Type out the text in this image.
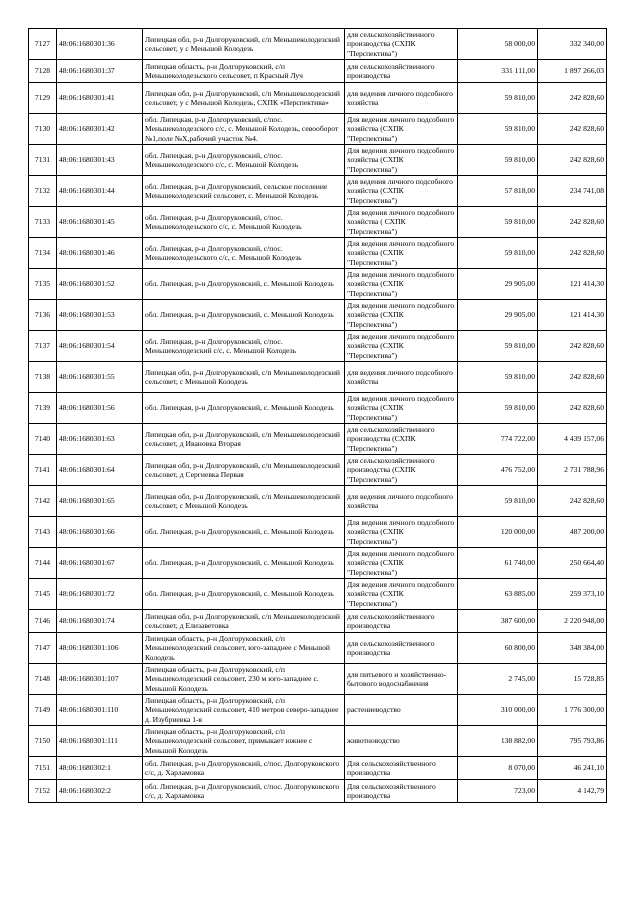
7127	48:06:1680301:36	Липецкая обл, р-н Долгоруковский, с/п Меньшеколодезский сельсовет, у с Меньшой Колодезь	для сельскохозяйственного производства (СХПК "Перспектива")	58 000,00	332 340,00
7128	48:06:1680301:37	Липецкая область, р-н Долгоруковский, с/п Меньшеколодезьского сельсовет, п Красный Луч	для сельскохозяйственного производства	331 111,00	1 897 266,03
7129	48:06:1680301:41	Липецкая обл, р-н Долгоруковский, с/п Меньшеколодезский сельсовет, у с Меньшой Колодезь, СХПК «Перспектива»	для ведения личного подсобного хозяйства	59 810,00	242 828,60
7130	48:06:1680301:42	обл. Липецкая, р-н Долгоруковский, с/пос. Меньшеколодезского с/с, с. Меньшой Колодезь, севооборот №1,поле №X,рабочий участок №4.	Для ведения личного подсобного хозяйства (СХПК "Перспектива")	59 810,00	242 828,60
7131	48:06:1680301:43	обл. Липецкая, р-н Долгоруковский, с/пос. Меньшеколодезского с/с, с. Меньшой Колодезь	Для ведения личного подсобного хозяйства (СХПК "Перспектива")	59 810,00	242 828,60
7132	48:06:1680301:44	обл. Липецкая, р-н Долгоруковский, сельское поселение Меньшеколодезский сельсовет, с. Меньшой Колодезь	для ведения личного подсобного хозяйства (СХПК "Перспектива")	57 818,00	234 741,08
7133	48:06:1680301:45	обл. Липецкая, р-н Долгоруковский, с/пос. Меньшеколодезьского с/с, с. Меньшой Колодезь	Для ведения личного подсобного хозяйства ( СХПК "Перспектива")	59 810,00	242 828,60
7134	48:06:1680301:46	обл. Липецкая, р-н Долгоруковский, с/пос. Меньшеколодезьского с/с, с. Меньшой Колодезь	Для ведения личного подсобного хозяйства (СХПК "Перспектива")	59 810,00	242 828,60
7135	48:06:1680301:52	обл. Липецкая, р-н Долгоруковский, с. Меньшой Колодезь	Для ведения личного подсобного хозяйства (СХПК "Перспектива")	29 905,00	121 414,30
7136	48:06:1680301:53	обл. Липецкая, р-н Долгоруковский, с. Меньшой Колодезь	Для ведения личного подсобного хозяйства (СХПК "Перспектива")	29 905,00	121 414,30
7137	48:06:1680301:54	обл. Липецкая, р-н Долгоруковский, с/пос. Меньшеколодезский с/с, с. Меньшой Колодезь	Для ведения личного подсобного хозяйства (СХПК "Перспектива")	59 810,00	242 828,60
7138	48:06:1680301:55	Липецкая обл, р-н Долгоруковский, с/п Меньшеколодезский сельсовет, с Меньшой Колодезь	для ведения личного подсобного хозяйства	59 810,00	242 828,60
7139	48:06:1680301:56	обл. Липецкая, р-н Долгоруковский, с. Меньшой Колодезь	Для ведения личного подсобного хозяйства (СХПК "Перспектива")	59 810,00	242 828,60
7140	48:06:1680301:63	Липецкая обл, р-н Долгоруковский, с/п Меньшеколодезский сельсовет, д Ивановка Вторая	для сельскохозяйственного производства (СХПК "Перспектива")	774 722,00	4 439 157,06
7141	48:06:1680301:64	Липецкая обл, р-н Долгоруковский, с/п Меньшеколодезский сельсовет, д Сергиевка Первая	для сельскохозяйственного производства (СХПК "Перспектива")	476 752,00	2 731 788,96
7142	48:06:1680301:65	Липецкая обл, р-н Долгоруковский, с/п Меньшеколодезский сельсовет, с Меньшой Колодезь	для ведения личного подсобного хозяйства	59 810,00	242 828,60
7143	48:06:1680301:66	обл. Липецкая, р-н Долгоруковский, с. Меньшой Колодезь	Для ведения личного подсобного хозяйства (СХПК "Перспектива")	120 000,00	487 200,00
7144	48:06:1680301:67	обл. Липецкая, р-н Долгоруковский, с. Меньшой Колодезь	Для ведения личного подсобного хозяйства (СХПК "Перспектива")	61 740,00	250 664,40
7145	48:06:1680301:72	обл. Липецкая, р-н Долгоруковский, с. Меньшой Колодезь	Для ведения личного подсобного хозяйства (СХПК "Перспектива")	63 885,00	259 373,10
7146	48:06:1680301:74	Липецкая обл, р-н Долгоруковский, с/п Меньшеколодезский сельсовет, д Елизаветовка	для сельскохозяйственного производства	387 600,00	2 220 948,00
7147	48:06:1680301:106	Липецкая область, р-н Долгоруковский, с/п Меньшеколодезский сельсовет, юго-западнее с Меньшой Колодезь	для сельскохозяйственного производства	60 800,00	348 384,00
7148	48:06:1680301:107	Липецкая область, р-н Долгоруковский, с/п Меньшеколодезский сельсовет, 230 м юго-западнее с. Меньшой Колодезь	для питьевого и хозяйственно-бытового водоснабжения	2 745,00	15 728,85
7149	48:06:1680301:110	Липецкая область, р-н Долгоруковский, с/п Меньшеколодезский сельсовет, 410 метров северо-западнее д. Изубриевка 1-я	растениеводство	310 000,00	1 776 300,00
7150	48:06:1680301:111	Липецкая область, р-н Долгоруковский, с/п Меньшеколодезский сельсовет, примыкает южнее с Меньшой Колодезь	животноводство	138 882,00	795 793,86
7151	48:06:1680302:1	обл. Липецкая, р-н Долгоруковский, с/пос. Долгоруковского с/с, д. Харламовка	Для сельскохозяйственного производства	8 070,00	46 241,10
7152	48:06:1680302:2	обл. Липецкая, р-н Долгоруковский, с/пос. Долгоруковского с/с, д. Харламовка	Для сельскохозяйственного производства	723,00	4 142,79
